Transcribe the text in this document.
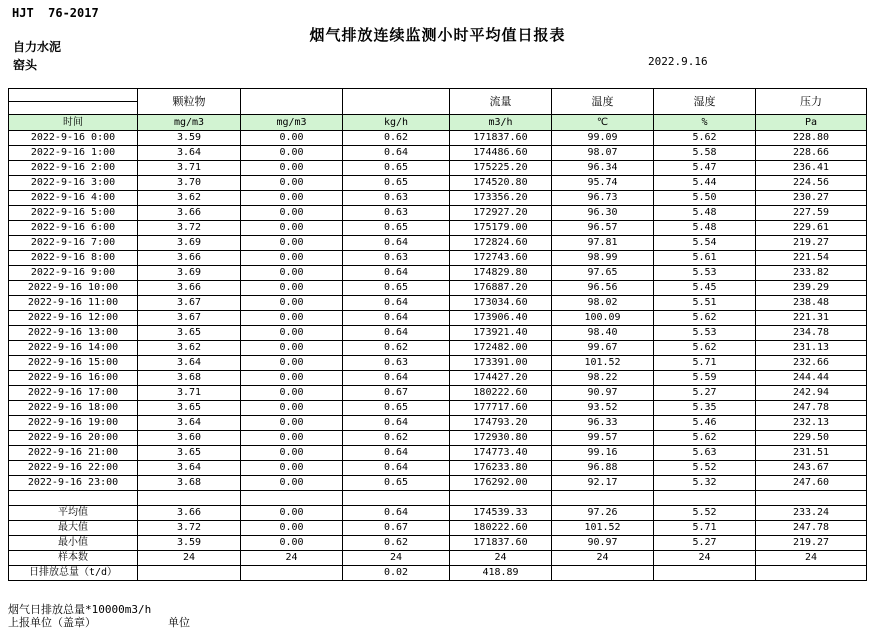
HJT  76-2017
烟气排放连续监测小时平均值日报表
自力水泥
窑头	2022.9.16
	颗粒物			流量	温度	湿度	压力

时间	mg/m3	mg/m3	kg/h	m3/h	℃	%	Pa
2022-9-16 0:00	3.59	0.00	0.62	171837.60	99.09	5.62	228.80
2022-9-16 1:00	3.64	0.00	0.64	174486.60	98.07	5.58	228.66
2022-9-16 2:00	3.71	0.00	0.65	175225.20	96.34	5.47	236.41
2022-9-16 3:00	3.70	0.00	0.65	174520.80	95.74	5.44	224.56
2022-9-16 4:00	3.62	0.00	0.63	173356.20	96.73	5.50	230.27
2022-9-16 5:00	3.66	0.00	0.63	172927.20	96.30	5.48	227.59
2022-9-16 6:00	3.72	0.00	0.65	175179.00	96.57	5.48	229.61
2022-9-16 7:00	3.69	0.00	0.64	172824.60	97.81	5.54	219.27
2022-9-16 8:00	3.66	0.00	0.63	172743.60	98.99	5.61	221.54
2022-9-16 9:00	3.69	0.00	0.64	174829.80	97.65	5.53	233.82
2022-9-16 10:00	3.66	0.00	0.65	176887.20	96.56	5.45	239.29
2022-9-16 11:00	3.67	0.00	0.64	173034.60	98.02	5.51	238.48
2022-9-16 12:00	3.67	0.00	0.64	173906.40	100.09	5.62	221.31
2022-9-16 13:00	3.65	0.00	0.64	173921.40	98.40	5.53	234.78
2022-9-16 14:00	3.62	0.00	0.62	172482.00	99.67	5.62	231.13
2022-9-16 15:00	3.64	0.00	0.63	173391.00	101.52	5.71	232.66
2022-9-16 16:00	3.68	0.00	0.64	174427.20	98.22	5.59	244.44
2022-9-16 17:00	3.71	0.00	0.67	180222.60	90.97	5.27	242.94
2022-9-16 18:00	3.65	0.00	0.65	177717.60	93.52	5.35	247.78
2022-9-16 19:00	3.64	0.00	0.64	174793.20	96.33	5.46	232.13
2022-9-16 20:00	3.60	0.00	0.62	172930.80	99.57	5.62	229.50
2022-9-16 21:00	3.65	0.00	0.64	174773.40	99.16	5.63	231.51
2022-9-16 22:00	3.64	0.00	0.64	176233.80	96.88	5.52	243.67
2022-9-16 23:00	3.68	0.00	0.65	176292.00	92.17	5.32	247.60

平均值	3.66	0.00	0.64	174539.33	97.26	5.52	233.24
最大值	3.72	0.00	0.67	180222.60	101.52	5.71	247.78
最小值	3.59	0.00	0.62	171837.60	90.97	5.27	219.27
样本数	24	24	24	24	24	24	24
日排放总量（t/d）			0.02	418.89			
烟气日排放总量*10000m3/h
上报单位（盖章）	单位
